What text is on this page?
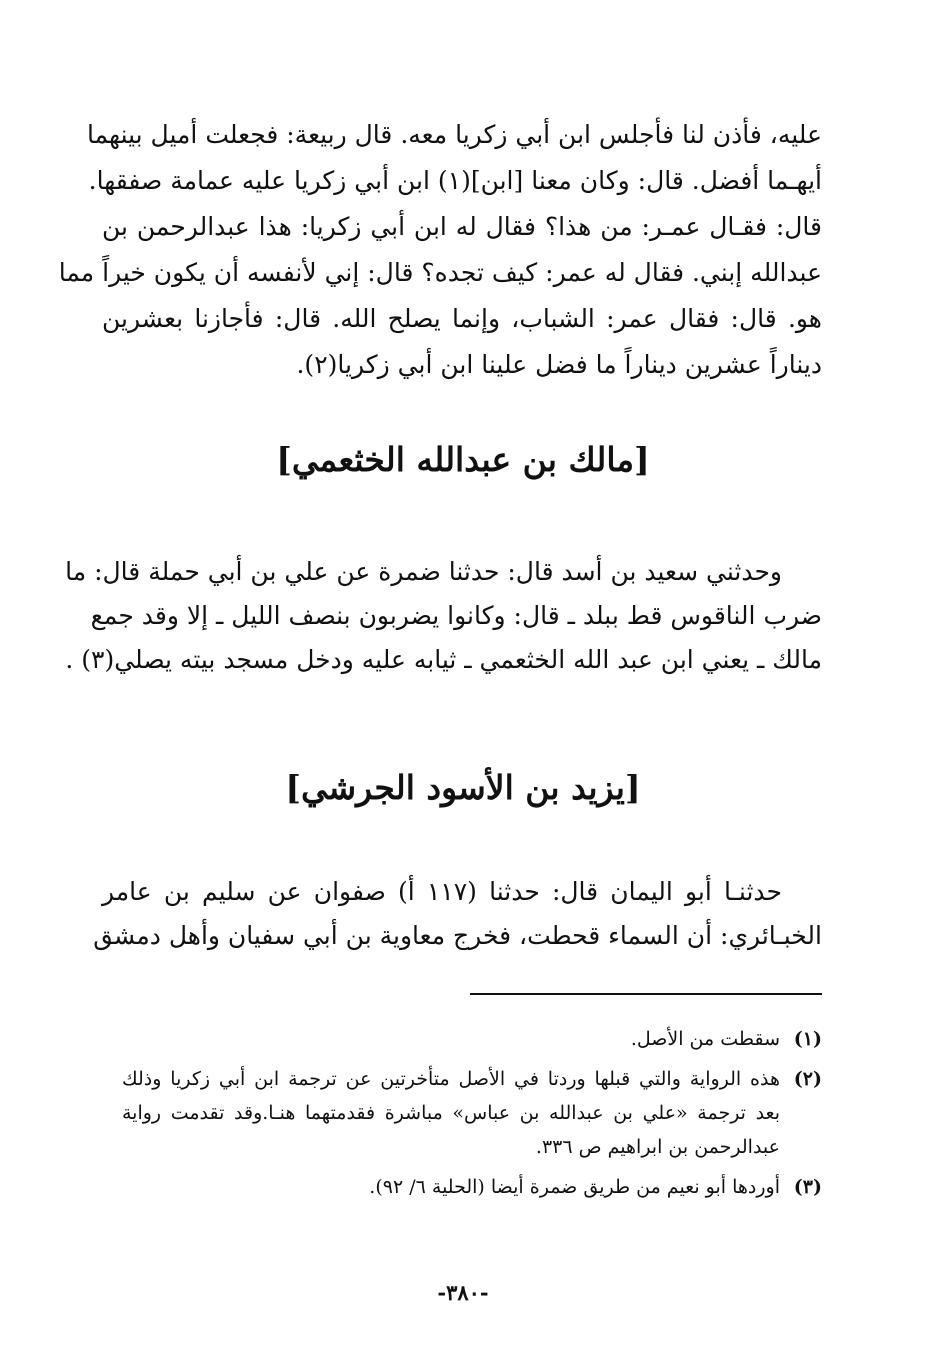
عليه، فأذن لنا فأجلس ابن أبي زكريا معه. قال ربيعة: فجعلت أميل بينهما
أيهـما أفضل. قال: وكان معنا [ابن](١) ابن أبي زكريا عليه عمامة صفقها.
قال: فقـال عمـر: من هذا؟ فقال له ابن أبي زكريا: هذا عبدالرحمن بن
عبدالله إبني. فقال له عمر: كيف تجده؟ قال: إني لأنفسه أن يكون خيراً مما
هو. قال: فقال عمر: الشباب، وإنما يصلح الله. قال: فأجازنا بعشرين
ديناراً عشرين ديناراً ما فضل علينا ابن أبي زكريا(٢).
[مالك بن عبدالله الخثعمي]
وحدثني سعيد بن أسد قال: حدثنا ضمرة عن علي بن أبي حملة قال: ما
ضرب الناقوس قط ببلد ـ قال: وكانوا يضربون بنصف الليل ـ إلا وقد جمع
مالك ـ يعني ابن عبد الله الخثعمي ـ ثيابه عليه ودخل مسجد بيته يصلي(٣) .
[يزيد بن الأسود الجرشي]
حدثنـا أبو اليمان قال: حدثنا (١١٧ أ) صفوان عن سليم بن عامر
الخبـائري: أن السماء قحطت، فخرج معاوية بن أبي سفيان وأهل دمشق
(١)
سقطت من الأصل.
(٢)
هذه الرواية والتي قبلها وردتا في الأصل متأخرتين عن ترجمة ابن أبي زكريا وذلك
بعد ترجمة «علي بن عبدالله بن عباس» مباشرة فقدمتهما هنـا.وقد تقدمت رواية
عبدالرحمن بن ابراهيم ص ٣٣٦.
(٣)
أوردها أبو نعيم من طريق ضمرة أيضا (الحلية ٦/ ٩٢).
-٣٨٠-
